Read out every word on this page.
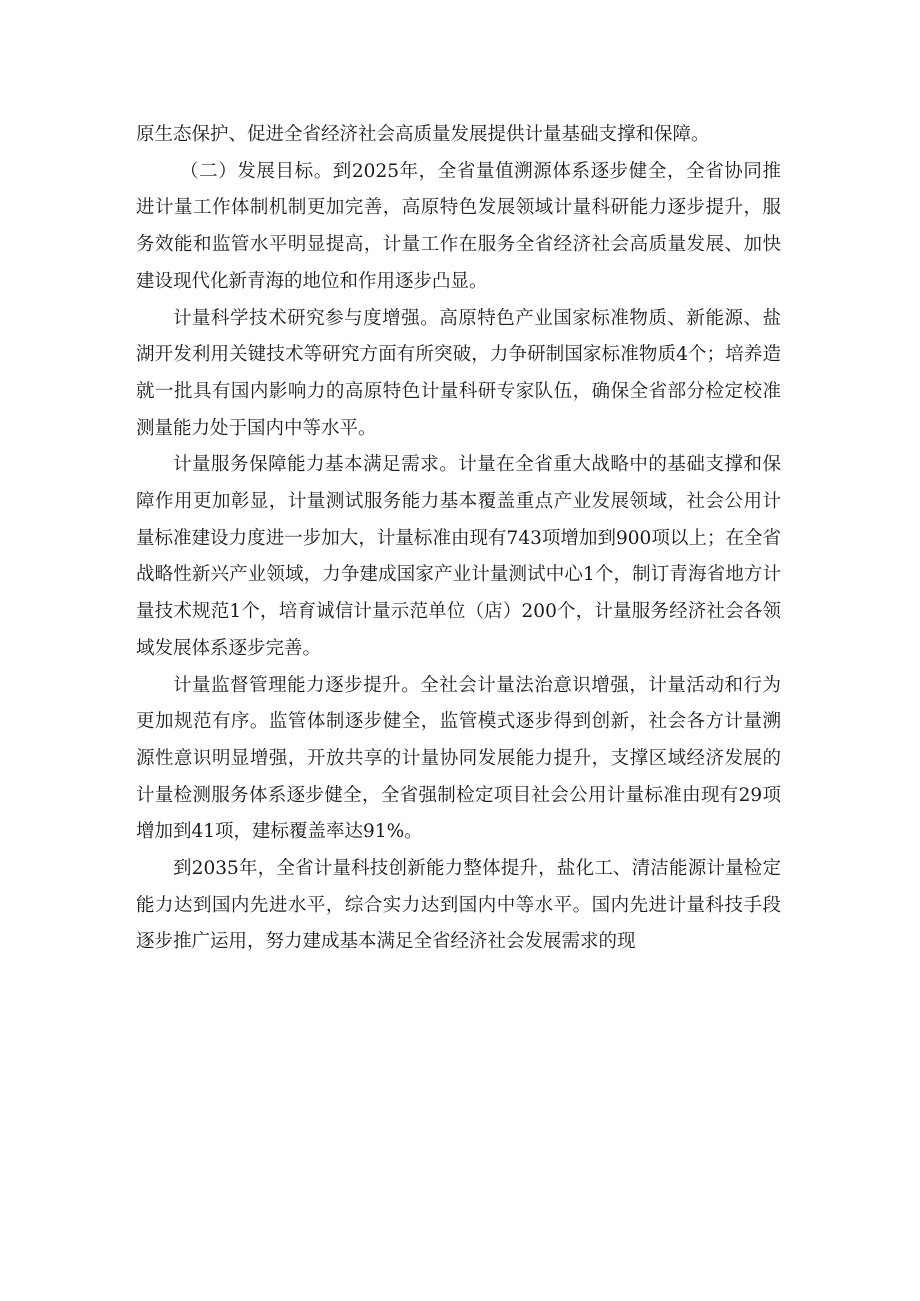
原生态保护、促进全省经济社会高质量发展提供计量基础支撑和保障。

（二）发展目标。到2025年，全省量值溯源体系逐步健全，全省协同推进计量工作体制机制更加完善，高原特色发展领域计量科研能力逐步提升，服务效能和监管水平明显提高，计量工作在服务全省经济社会高质量发展、加快建设现代化新青海的地位和作用逐步凸显。

计量科学技术研究参与度增强。高原特色产业国家标准物质、新能源、盐湖开发利用关键技术等研究方面有所突破，力争研制国家标准物质4个；培养造就一批具有国内影响力的高原特色计量科研专家队伍，确保全省部分检定校准测量能力处于国内中等水平。

计量服务保障能力基本满足需求。计量在全省重大战略中的基础支撑和保障作用更加彰显，计量测试服务能力基本覆盖重点产业发展领域，社会公用计量标准建设力度进一步加大，计量标准由现有743项增加到900项以上；在全省战略性新兴产业领域，力争建成国家产业计量测试中心1个，制订青海省地方计量技术规范1个，培育诚信计量示范单位（店）200个，计量服务经济社会各领域发展体系逐步完善。

计量监督管理能力逐步提升。全社会计量法治意识增强，计量活动和行为更加规范有序。监管体制逐步健全，监管模式逐步得到创新，社会各方计量溯源性意识明显增强，开放共享的计量协同发展能力提升，支撑区域经济发展的计量检测服务体系逐步健全，全省强制检定项目社会公用计量标准由现有29项增加到41项，建标覆盖率达91%。

到2035年，全省计量科技创新能力整体提升，盐化工、清洁能源计量检定能力达到国内先进水平，综合实力达到国内中等水平。国内先进计量科技手段逐步推广运用，努力建成基本满足全省经济社会发展需求的现
